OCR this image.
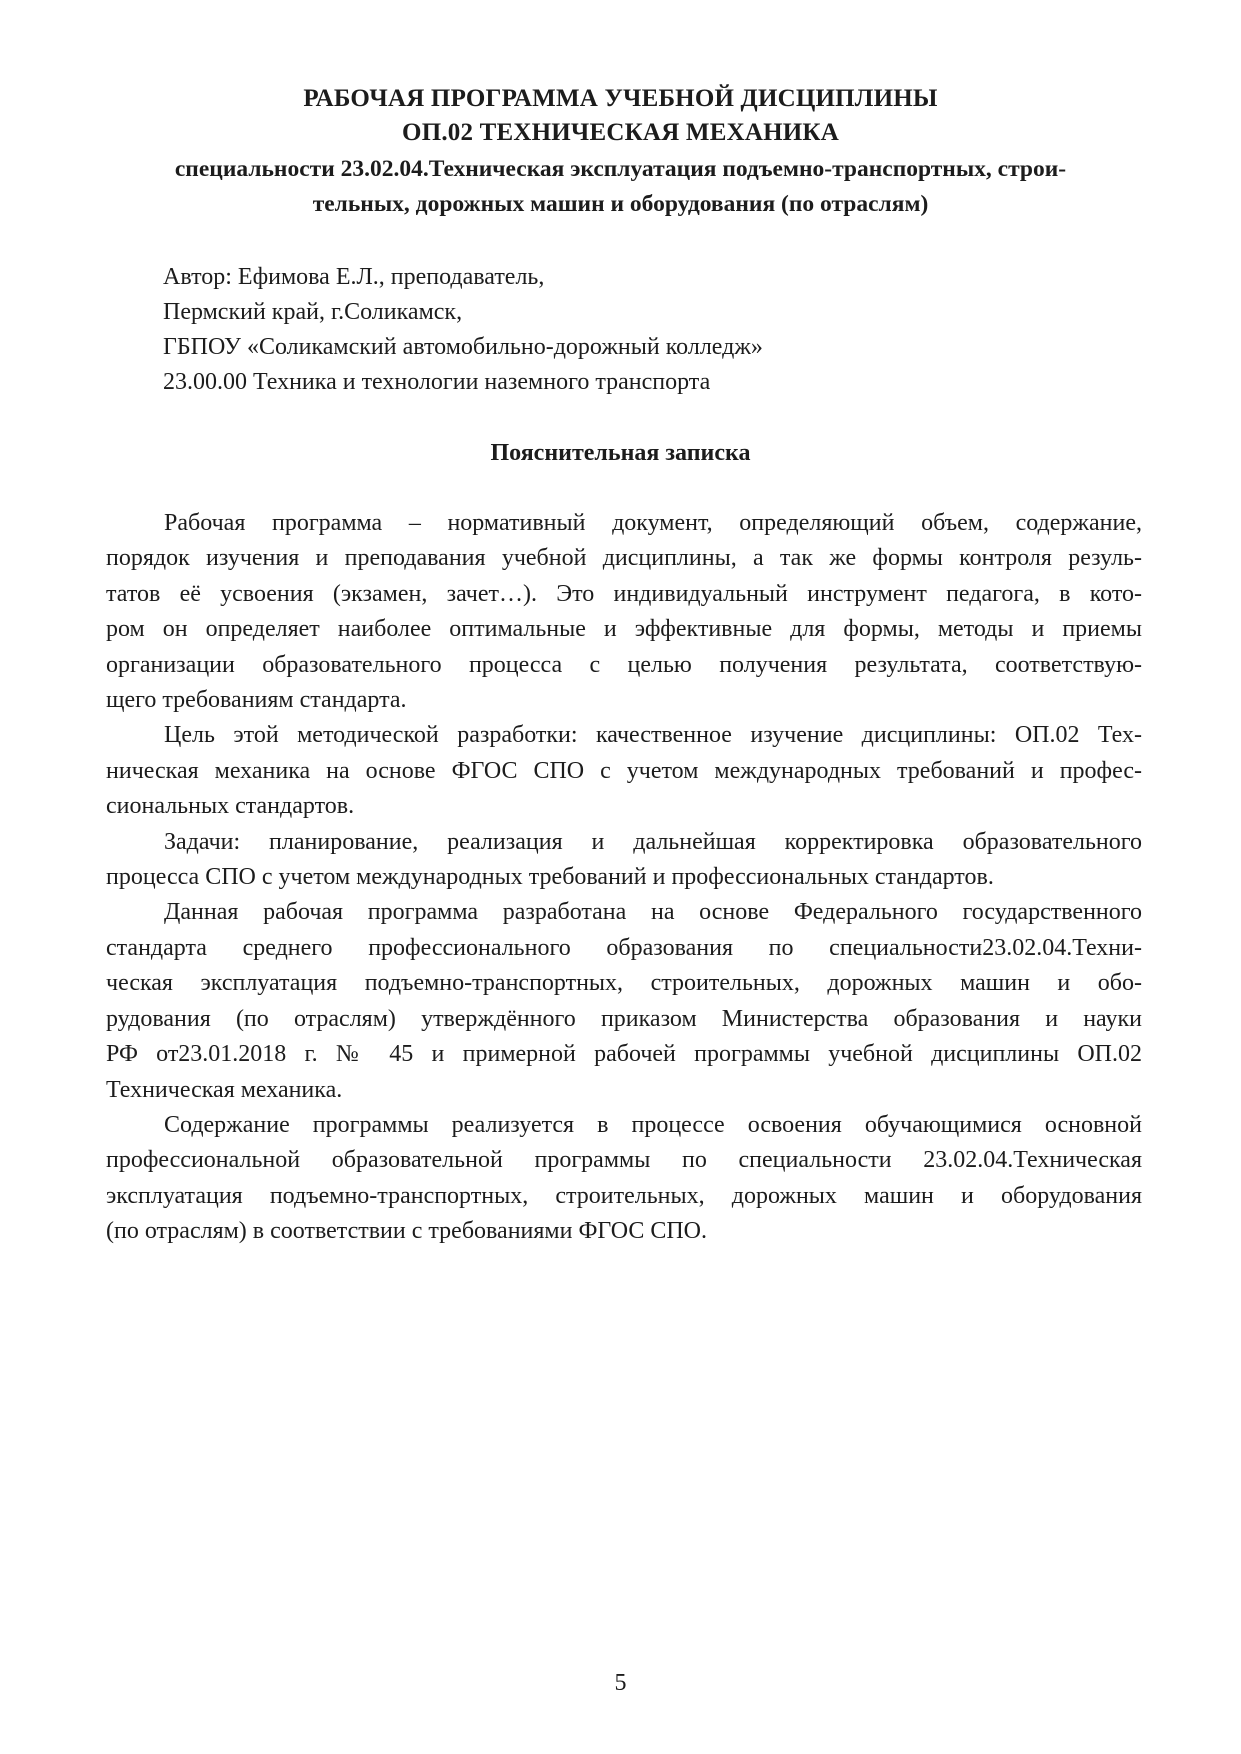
РАБОЧАЯ ПРОГРАММА УЧЕБНОЙ ДИСЦИПЛИНЫ
ОП.02 ТЕХНИЧЕСКАЯ МЕХАНИКА
специальности 23.02.04.Техническая эксплуатация подъемно-транспортных, строи-
тельных, дорожных машин и оборудования (по отраслям)
Автор: Ефимова Е.Л., преподаватель,
Пермский край, г.Соликамск,
ГБПОУ «Соликамский автомобильно-дорожный колледж»
23.00.00 Техника и технологии наземного транспорта
Пояснительная записка
Рабочая программа – нормативный документ, определяющий объем, содержание,
порядок изучения и преподавания учебной дисциплины, а так же формы контроля резуль-
татов её усвоения (экзамен, зачет…). Это индивидуальный инструмент педагога, в кото-
ром он определяет наиболее оптимальные и эффективные для формы, методы и приемы
организации образовательного процесса с целью получения результата, соответствую-
щего требованиям стандарта.
Цель этой методической разработки: качественное изучение дисциплины: ОП.02 Тех-
ническая механика на основе ФГОС СПО с учетом международных требований и профес-
сиональных стандартов.
Задачи: планирование, реализация и дальнейшая корректировка образовательного
процесса СПО с учетом международных требований и профессиональных стандартов.
Данная рабочая программа разработана на основе Федерального государственного
стандарта среднего профессионального образования по специальности23.02.04.Техни-
ческая эксплуатация подъемно-транспортных, строительных, дорожных машин и обо-
рудования (по отраслям) утверждённого приказом Министерства образования и науки
РФ от23.01.2018 г. № 45 и примерной рабочей программы учебной дисциплины ОП.02
Техническая механика.
Содержание программы реализуется в процессе освоения обучающимися основной
профессиональной образовательной программы по специальности 23.02.04.Техническая
эксплуатация подъемно-транспортных, строительных, дорожных машин и оборудования
(по отраслям) в соответствии с требованиями ФГОС СПО.
5
